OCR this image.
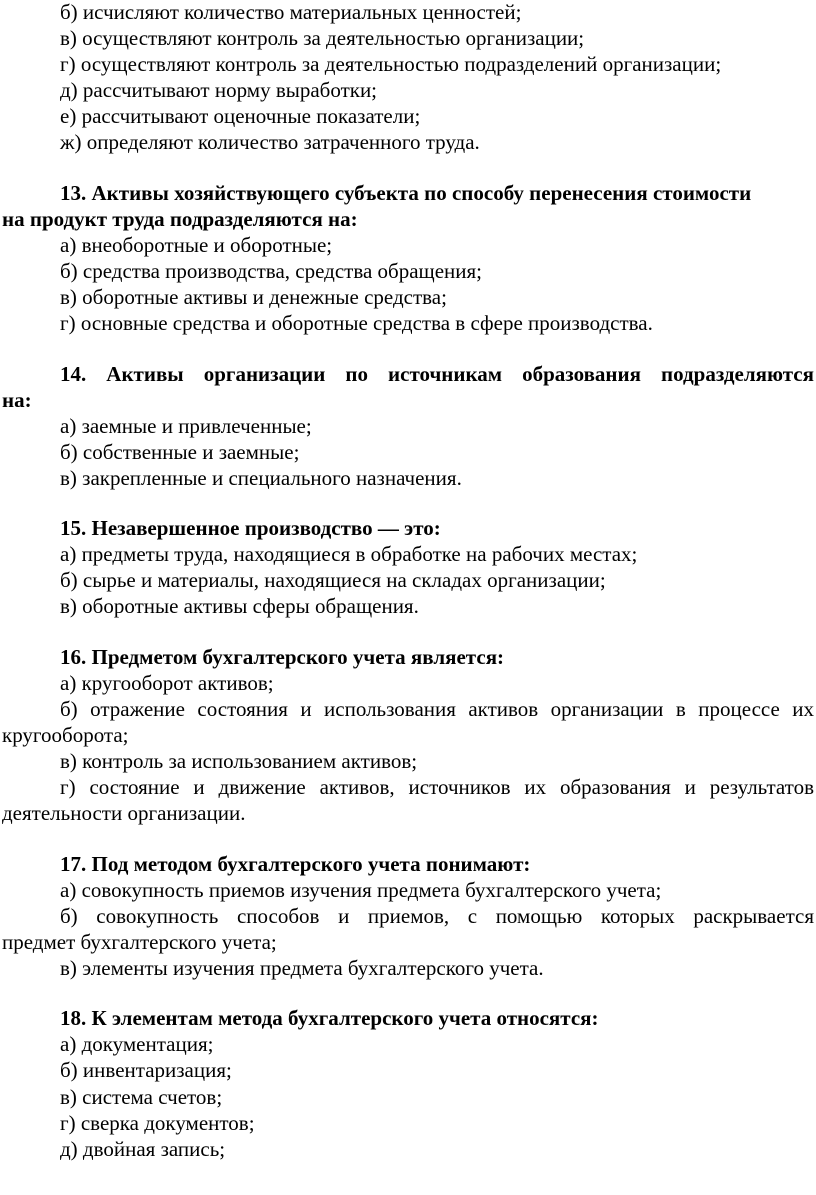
б) исчисляют количество материальных ценностей;
в) осуществляют контроль за деятельностью организации;
г) осуществляют контроль за деятельностью подразделений организации;
д) рассчитывают норму выработки;
е) рассчитывают оценочные показатели;
ж) определяют количество затраченного труда.
13. Активы хозяйствующего субъекта по способу перенесения стоимости
на продукт труда подразделяются на:
а) внеоборотные и оборотные;
б) средства производства, средства обращения;
в) оборотные активы и денежные средства;
г) основные средства и оборотные средства в сфере производства.
14. Активы организации по источникам образования подразделяются
на:
а) заемные и привлеченные;
б) собственные и заемные;
в) закрепленные и специального назначения.
15. Незавершенное производство — это:
а) предметы труда, находящиеся в обработке на рабочих местах;
б) сырье и материалы, находящиеся на складах организации;
в) оборотные активы сферы обращения.
16. Предметом бухгалтерского учета является:
а) кругооборот активов;
б) отражение состояния и использования активов организации в процессе их
кругооборота;
в) контроль за использованием активов;
г) состояние и движение активов, источников их образования и результатов
деятельности организации.
17. Под методом бухгалтерского учета понимают:
а) совокупность приемов изучения предмета бухгалтерского учета;
б) совокупность способов и приемов, с помощью которых раскрывается
предмет бухгалтерского учета;
в) элементы изучения предмета бухгалтерского учета.
18. К элементам метода бухгалтерского учета относятся:
а) документация;
б) инвентаризация;
в) система счетов;
г) сверка документов;
д) двойная запись;
